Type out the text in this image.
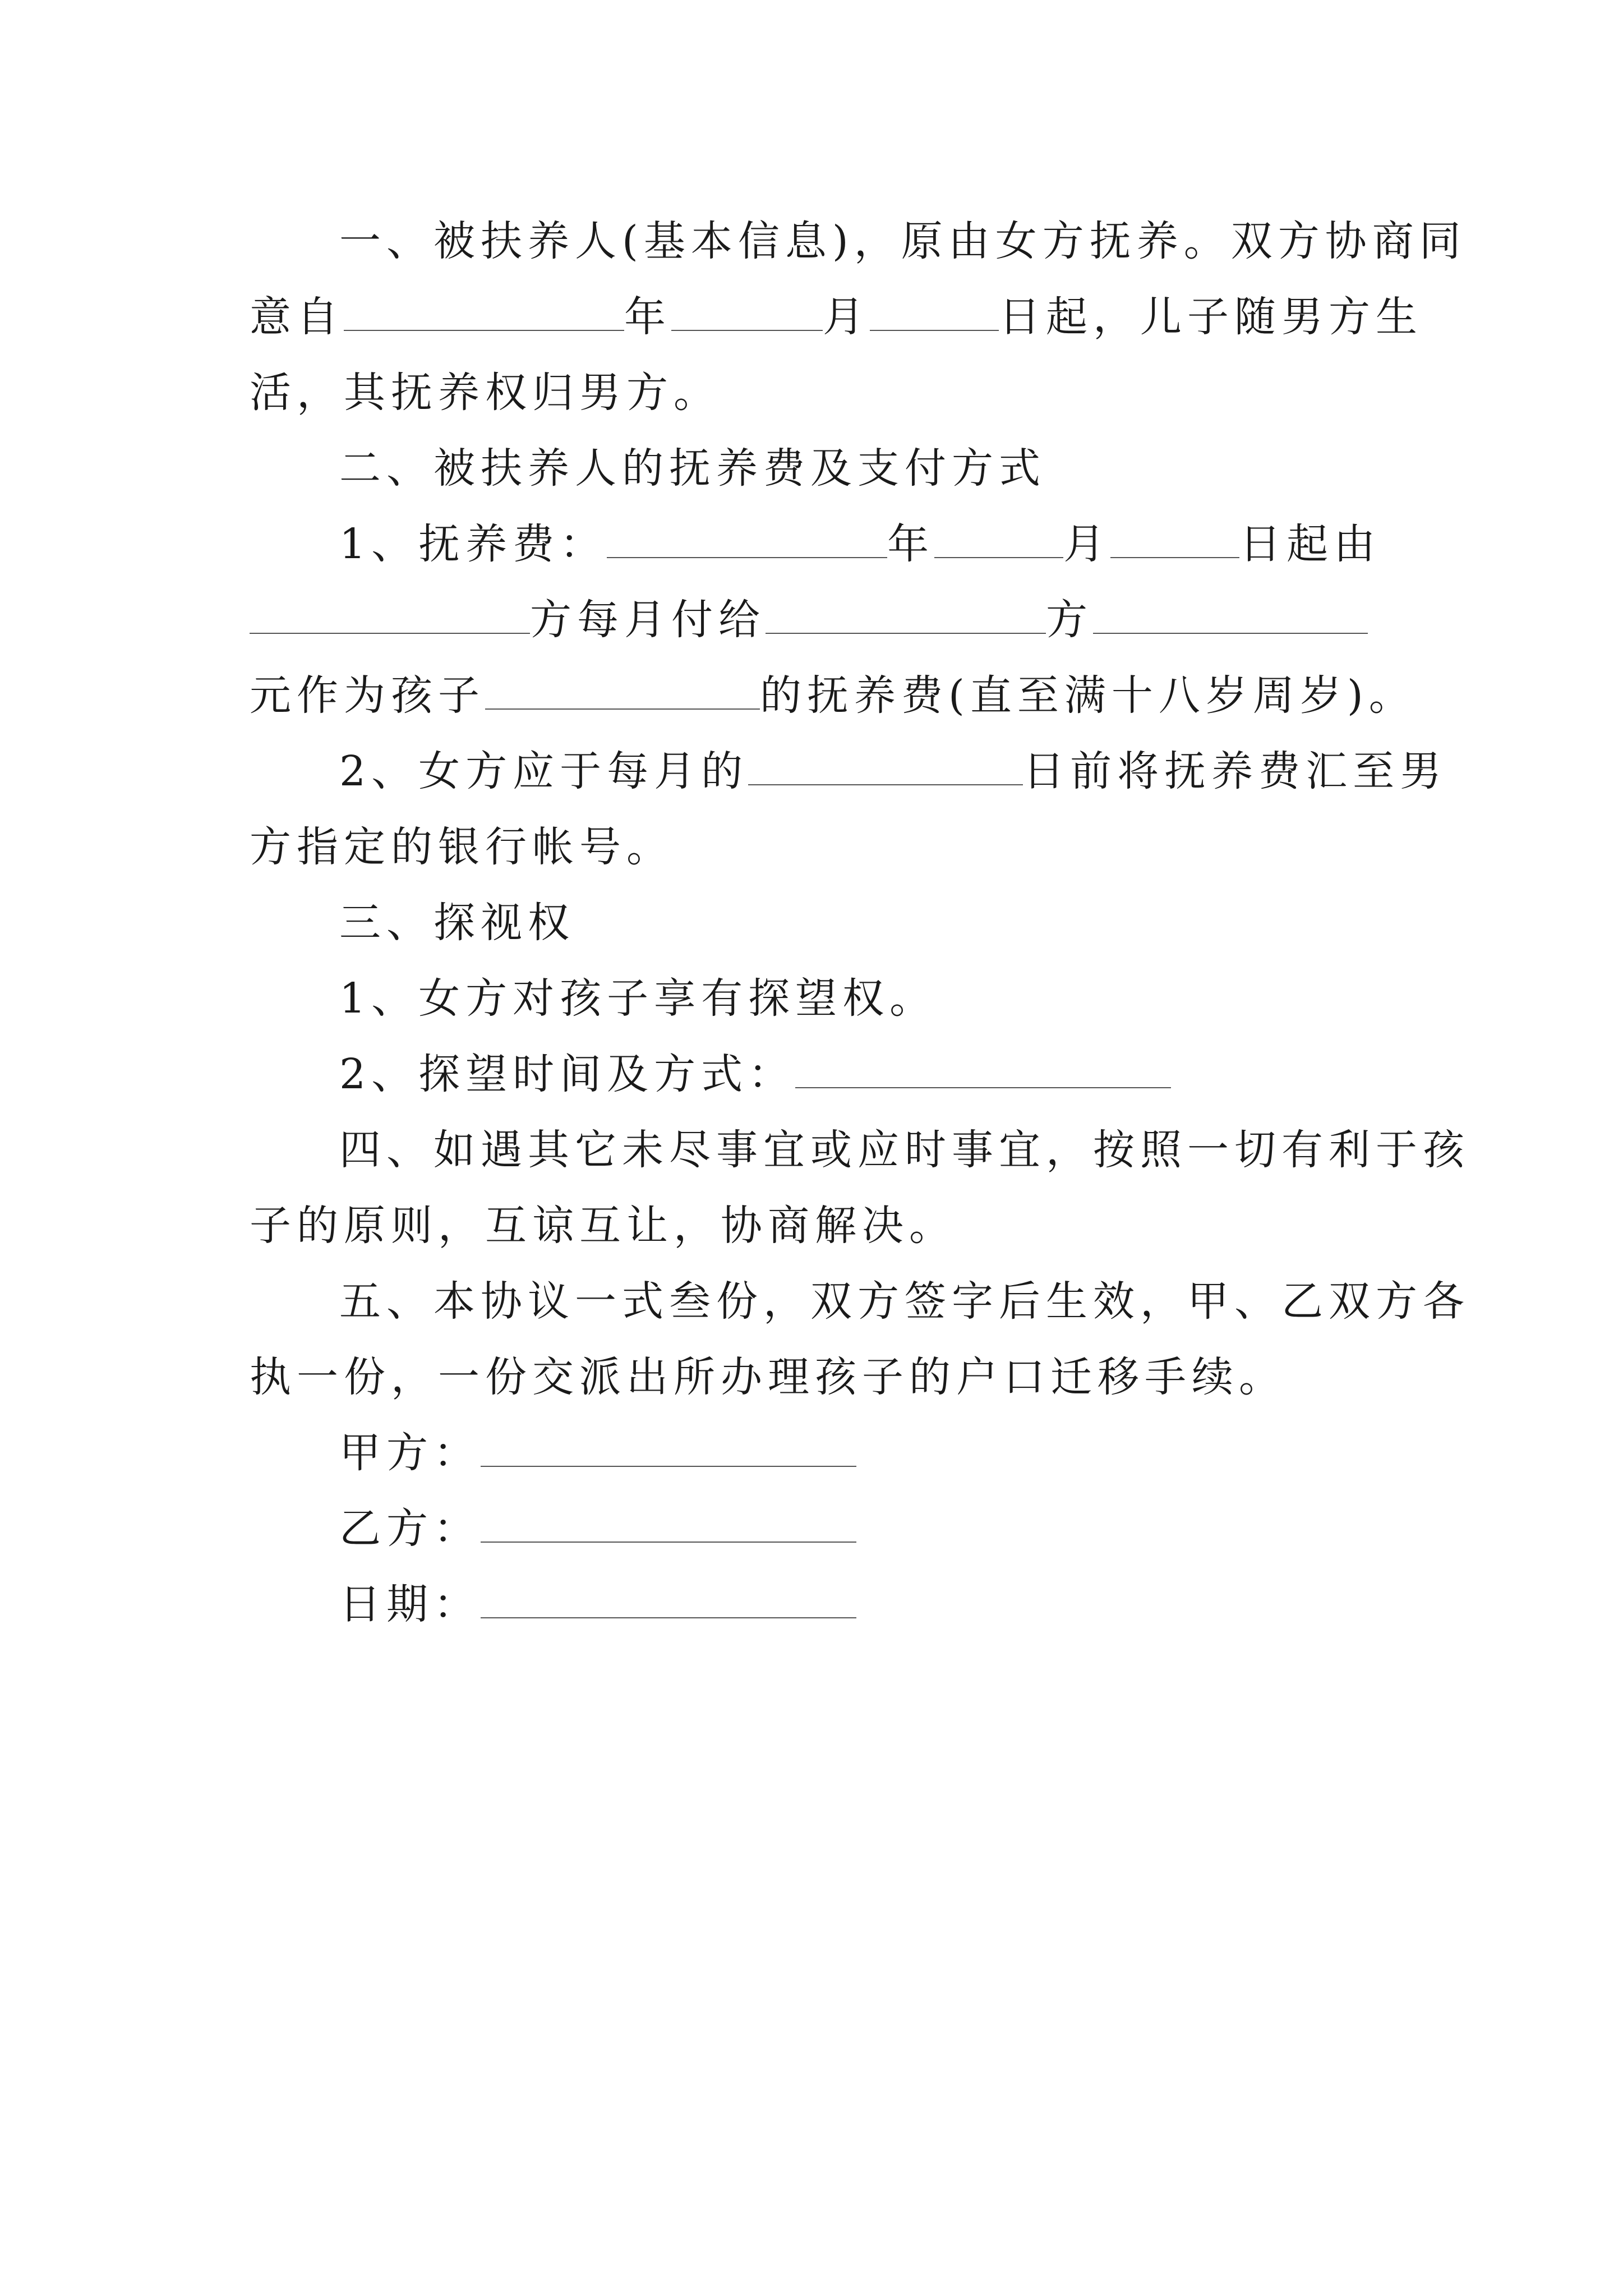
一、被扶养人(基本信息)，原由女方抚养。双方协商同
意自	年	月	日起，儿子随男方生
活，其抚养权归男方。
二、被扶养人的抚养费及支付方式
1、抚养费：	年	月	日起由
方每月付给	方
元作为孩子	的抚养费(直至满十八岁周岁)。
2、女方应于每月的	日前将抚养费汇至男
方指定的银行帐号。
三、探视权
1、女方对孩子享有探望权。
2、探望时间及方式：
四、如遇其它未尽事宜或应时事宜，按照一切有利于孩
子的原则，互谅互让，协商解决。
五、本协议一式叁份，双方签字后生效，甲、乙双方各
执一份，一份交派出所办理孩子的户口迁移手续。
甲方：
乙方：
日期：
